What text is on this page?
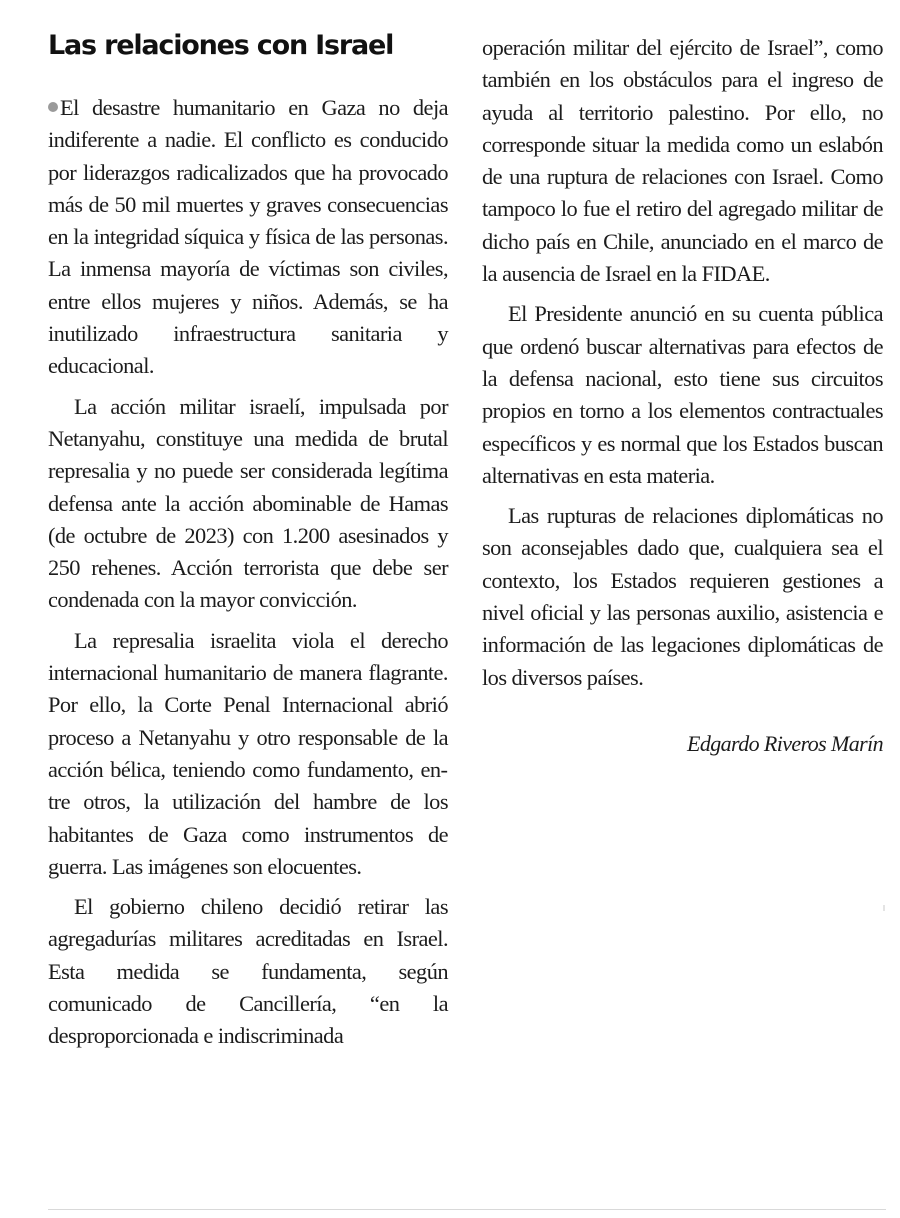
Las relaciones con Israel

El desastre humanitario en Gaza no deja indiferente a nadie. El conflicto es conducido por liderazgos radicalizados que ha provocado más de 50 mil muertes y graves consecuencias en la integridad síquica y física de las personas. La inmensa mayoría de víctimas son civiles, entre ellos mujeres y niños. Además, se ha inutilizado infraestructura sanitaria y educacional.

La acción militar israelí, impulsada por Netanyahu, constituye una medida de brutal represalia y no puede ser considerada legítima defensa ante la acción abominable de Hamas (de octubre de 2023) con 1.200 asesinados y 250 rehenes. Acción terrorista que debe ser condenada con la mayor convicción.

La represalia israelita viola el derecho internacional humanitario de manera flagrante. Por ello, la Corte Penal Internacional abrió proceso a Netanyahu y otro responsable de la acción bélica, teniendo como fundamento, entre otros, la utilización del hambre de los habitantes de Gaza como instrumentos de guerra. Las imágenes son elocuentes.

El gobierno chileno decidió retirar las agregadurías militares acreditadas en Israel. Esta medida se fundamenta, según comunicado de Cancillería, “en la desproporcionada e indiscriminada

operación militar del ejército de Israel”, como también en los obstáculos para el ingreso de ayuda al territorio palestino. Por ello, no corresponde situar la medida como un eslabón de una ruptura de relaciones con Israel. Como tampoco lo fue el retiro del agregado militar de dicho país en Chile, anunciado en el marco de la ausencia de Israel en la FIDAE.

El Presidente anunció en su cuenta pública que ordenó buscar alternativas para efectos de la defensa nacional, esto tiene sus circuitos propios en torno a los elementos contractuales específicos y es normal que los Estados buscan alternativas en esta materia.

Las rupturas de relaciones diplomáticas no son aconsejables dado que, cualquiera sea el contexto, los Estados requieren gestiones a nivel oficial y las personas auxilio, asistencia e información de las legaciones diplomáticas de los diversos países.

Edgardo Riveros Marín
